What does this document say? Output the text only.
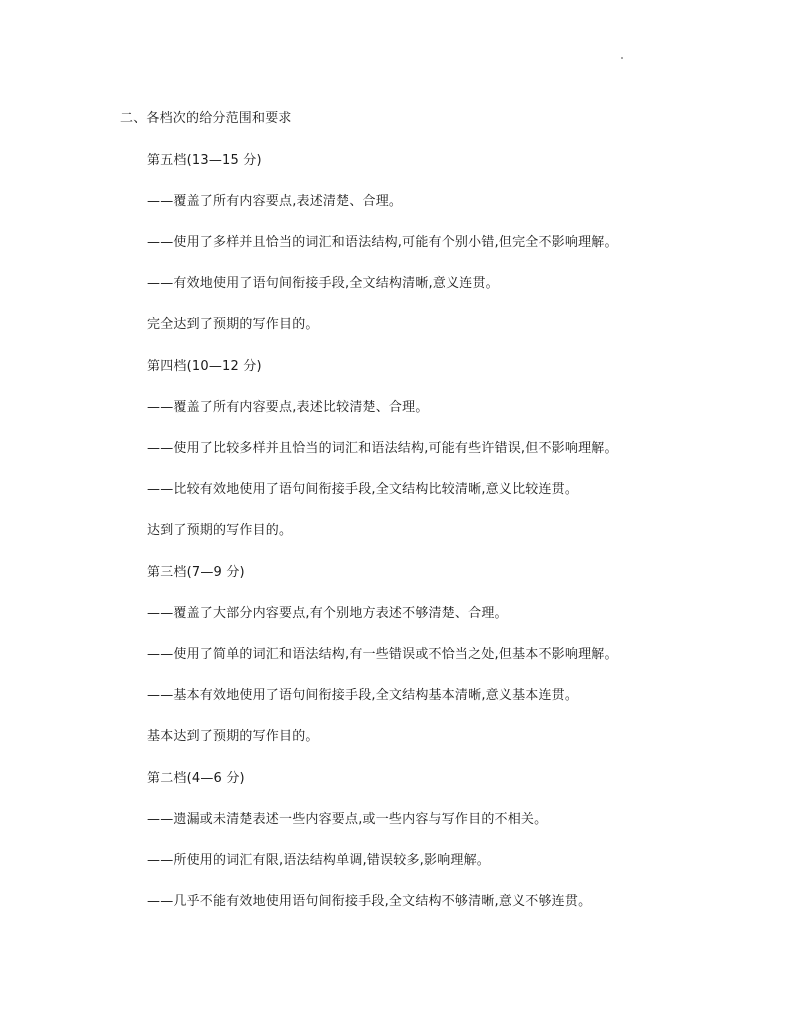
二、各档次的给分范围和要求
第五档(13—15 分)
——覆盖了所有内容要点,表述清楚、合理。
——使用了多样并且恰当的词汇和语法结构,可能有个别小错,但完全不影响理解。
——有效地使用了语句间衔接手段,全文结构清晰,意义连贯。
完全达到了预期的写作目的。
第四档(10—12 分)
——覆盖了所有内容要点,表述比较清楚、合理。
——使用了比较多样并且恰当的词汇和语法结构,可能有些许错误,但不影响理解。
——比较有效地使用了语句间衔接手段,全文结构比较清晰,意义比较连贯。
达到了预期的写作目的。
第三档(7—9 分)
——覆盖了大部分内容要点,有个别地方表述不够清楚、合理。
——使用了简单的词汇和语法结构,有一些错误或不恰当之处,但基本不影响理解。
——基本有效地使用了语句间衔接手段,全文结构基本清晰,意义基本连贯。
基本达到了预期的写作目的。
第二档(4—6 分)
——遗漏或未清楚表述一些内容要点,或一些内容与写作目的不相关。
——所使用的词汇有限,语法结构单调,错误较多,影响理解。
——几乎不能有效地使用语句间衔接手段,全文结构不够清晰,意义不够连贯。
